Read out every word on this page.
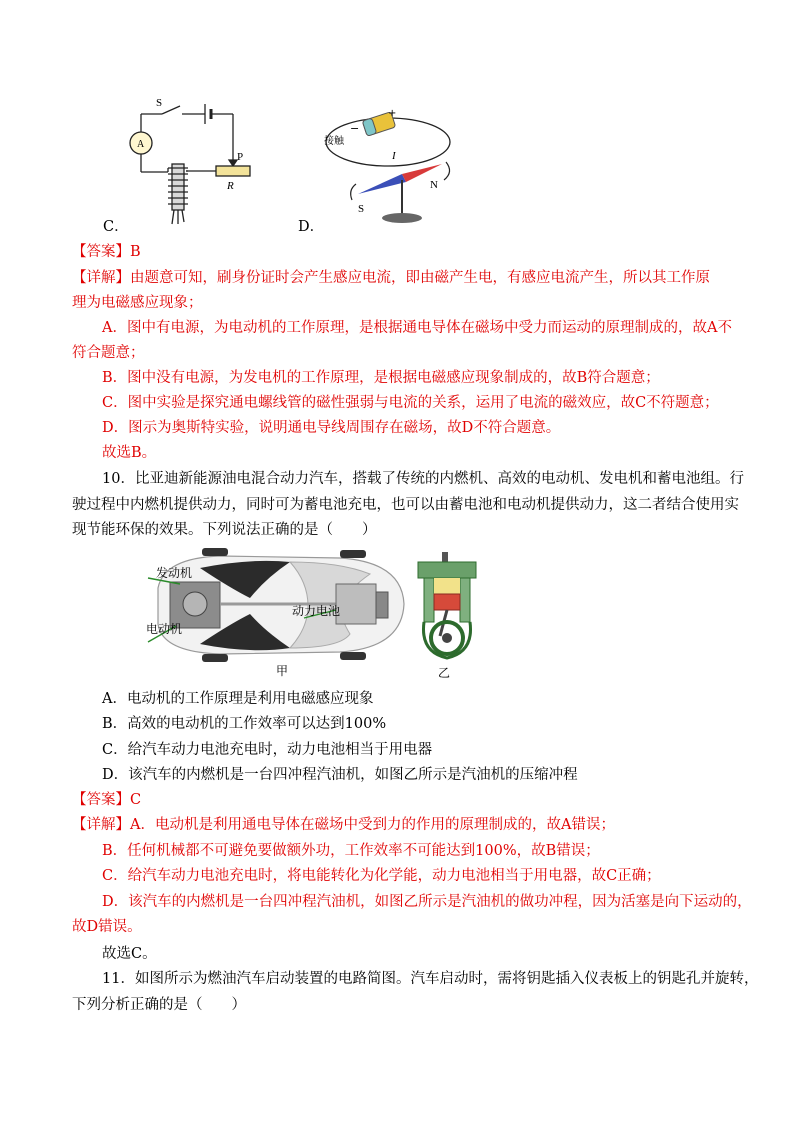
A
S
P
R
C．
−
+
接触
I
N
S
D．
【答案】B
【详解】由题意可知，刷身份证时会产生感应电流，即由磁产生电，有感应电流产生，所以其工作原
理为电磁感应现象；
A．图中有电源，为电动机的工作原理，是根据通电导体在磁场中受力而运动的原理制成的，故A不
符合题意；
B．图中没有电源，为发电机的工作原理，是根据电磁感应现象制成的，故B符合题意；
C．图中实验是探究通电螺线管的磁性强弱与电流的关系，运用了电流的磁效应，故C不符题意；
D．图示为奥斯特实验，说明通电导线周围存在磁场，故D不符合题意。
故选B。
10．比亚迪新能源油电混合动力汽车，搭载了传统的内燃机、高效的电动机、发电机和蓄电池组。行
驶过程中内燃机提供动力，同时可为蓄电池充电，也可以由蓄电池和电动机提供动力，这二者结合使用实
现节能环保的效果。下列说法正确的是（　　）
发动机
电动机
动力电池
甲	乙
A．电动机的工作原理是利用电磁感应现象
B．高效的电动机的工作效率可以达到100%
C．给汽车动力电池充电时，动力电池相当于用电器
D．该汽车的内燃机是一台四冲程汽油机，如图乙所示是汽油机的压缩冲程
【答案】C
【详解】A．电动机是利用通电导体在磁场中受到力的作用的原理制成的，故A错误；
B．任何机械都不可避免要做额外功，工作效率不可能达到100%，故B错误；
C．给汽车动力电池充电时，将电能转化为化学能，动力电池相当于用电器，故C正确；
D．该汽车的内燃机是一台四冲程汽油机，如图乙所示是汽油机的做功冲程，因为活塞是向下运动的，
故D错误。
故选C。
11．如图所示为燃油汽车启动装置的电路简图。汽车启动时，需将钥匙插入仪表板上的钥匙孔并旋转，
下列分析正确的是（　　）
